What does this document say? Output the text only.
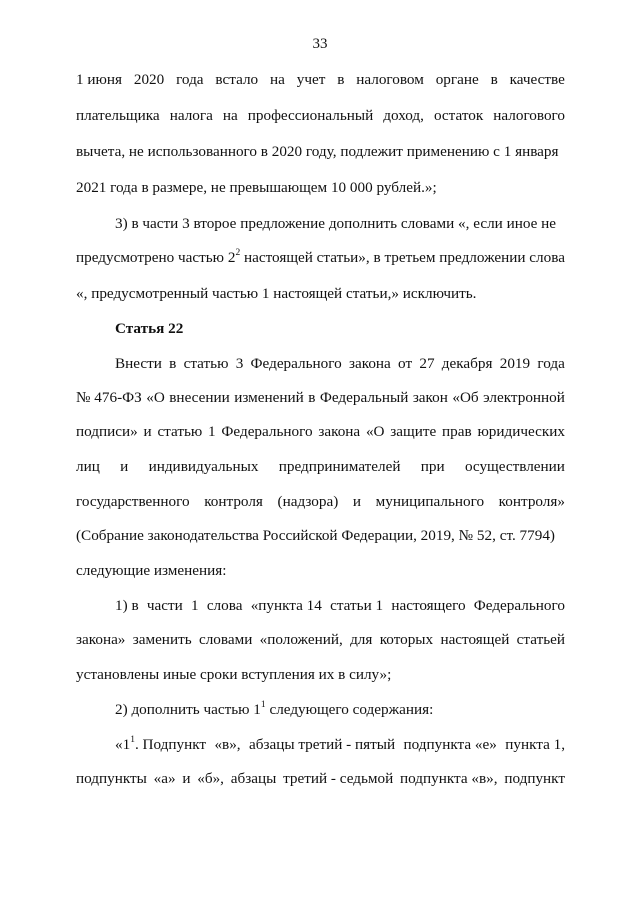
33
1 июня 2020 года встало на учет в налоговом органе в качестве
плательщика налога на профессиональный доход, остаток налогового
вычета, не использованного в 2020 году, подлежит применению с 1 января
2021 года в размере, не превышающем 10 000 рублей.»;
3) в части 3 второе предложение дополнить словами «, если иное не
предусмотрено частью $2^2$ настоящей статьи», в третьем предложении слова
«, предусмотренный частью 1 настоящей статьи,» исключить.
Статья 22
Внести в статью 3 Федерального закона от 27 декабря 2019 года
№ 476-ФЗ «О внесении изменений в Федеральный закон «Об электронной
подписи» и статью 1 Федерального закона «О защите прав юридических
лиц и индивидуальных предпринимателей при осуществлении
государственного контроля (надзора) и муниципального контроля»
(Собрание законодательства Российской Федерации, 2019, № 52, ст. 7794)
следующие изменения:
1) в части 1 слова «пункта 14 статьи 1 настоящего Федерального
закона» заменить словами «положений, для которых настоящей статьей
установлены иные сроки вступления их в силу»;
2) дополнить частью $1^1$ следующего содержания:
«$1^1$. Подпункт «в», абзацы третий - пятый подпункта «е» пункта 1,
подпункты «а» и «б», абзацы третий - седьмой подпункта «в», подпункт
